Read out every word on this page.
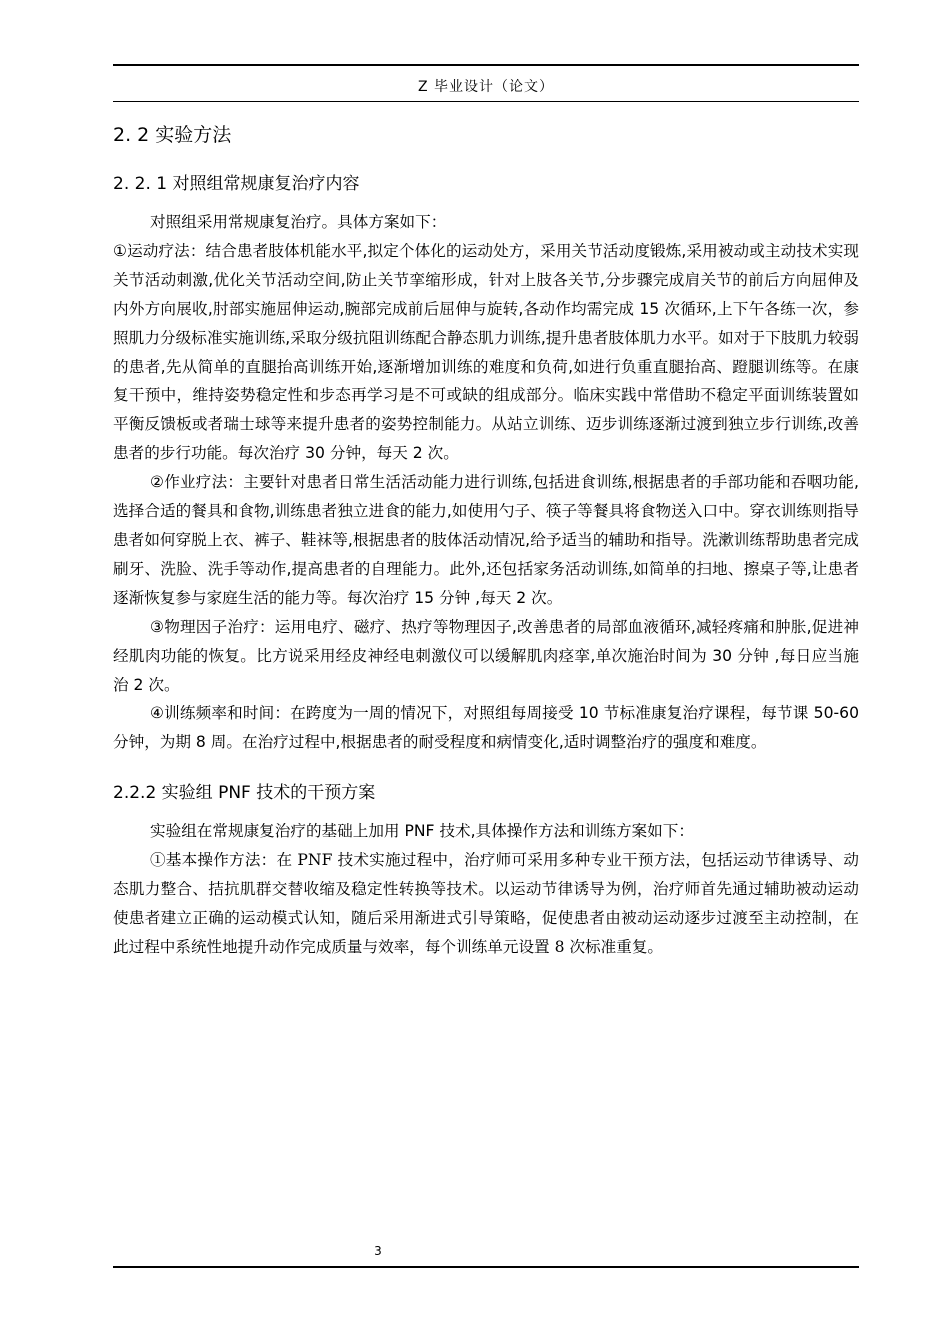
Z 毕业设计（论文）
2. 2 实验方法
2. 2. 1 对照组常规康复治疗内容

对照组采用常规康复治疗。具体方案如下：

①运动疗法：结合患者肢体机能水平,拟定个体化的运动处方，采用关节活动度锻炼,采用被动或主动技术实现关节活动刺激,优化关节活动空间,防止关节挛缩形成，针对上肢各关节,分步骤完成肩关节的前后方向屈伸及内外方向展收,肘部实施屈伸运动,腕部完成前后屈伸与旋转,各动作均需完成 15 次循环,上下午各练一次，参照肌力分级标准实施训练,采取分级抗阻训练配合静态肌力训练,提升患者肢体肌力水平。如对于下肢肌力较弱的患者,先从简单的直腿抬高训练开始,逐渐增加训练的难度和负荷,如进行负重直腿抬高、蹬腿训练等。在康复干预中，维持姿势稳定性和步态再学习是不可或缺的组成部分。临床实践中常借助不稳定平面训练装置如平衡反馈板或者瑞士球等来提升患者的姿势控制能力。从站立训练、迈步训练逐渐过渡到独立步行训练,改善患者的步行功能。每次治疗 30 分钟，每天 2 次。

②作业疗法：主要针对患者日常生活活动能力进行训练,包括进食训练,根据患者的手部功能和吞咽功能,选择合适的餐具和食物,训练患者独立进食的能力,如使用勺子、筷子等餐具将食物送入口中。穿衣训练则指导患者如何穿脱上衣、裤子、鞋袜等,根据患者的肢体活动情况,给予适当的辅助和指导。洗漱训练帮助患者完成刷牙、洗脸、洗手等动作,提高患者的自理能力。此外,还包括家务活动训练,如简单的扫地、擦桌子等,让患者逐渐恢复参与家庭生活的能力等。每次治疗 15 分钟 ,每天 2 次。

③物理因子治疗：运用电疗、磁疗、热疗等物理因子,改善患者的局部血液循环,减轻疼痛和肿胀,促进神经肌肉功能的恢复。比方说采用经皮神经电刺激仪可以缓解肌肉痉挛,单次施治时间为 30 分钟 ,每日应当施治 2 次。

④训练频率和时间：在跨度为一周的情况下，对照组每周接受 10 节标准康复治疗课程，每节课 50-60 分钟，为期 8 周。在治疗过程中,根据患者的耐受程度和病情变化,适时调整治疗的强度和难度。

2.2.2 实验组 PNF 技术的干预方案

实验组在常规康复治疗的基础上加用 PNF 技术,具体操作方法和训练方案如下：

①基本操作方法：在 PNF 技术实施过程中，治疗师可采用多种专业干预方法，包括运动节律诱导、动态肌力整合、拮抗肌群交替收缩及稳定性转换等技术。以运动节律诱导为例，治疗师首先通过辅助被动运动使患者建立正确的运动模式认知，随后采用渐进式引导策略，促使患者由被动运动逐步过渡至主动控制，在此过程中系统性地提升动作完成质量与效率，每个训练单元设置 8 次标准重复。

3
